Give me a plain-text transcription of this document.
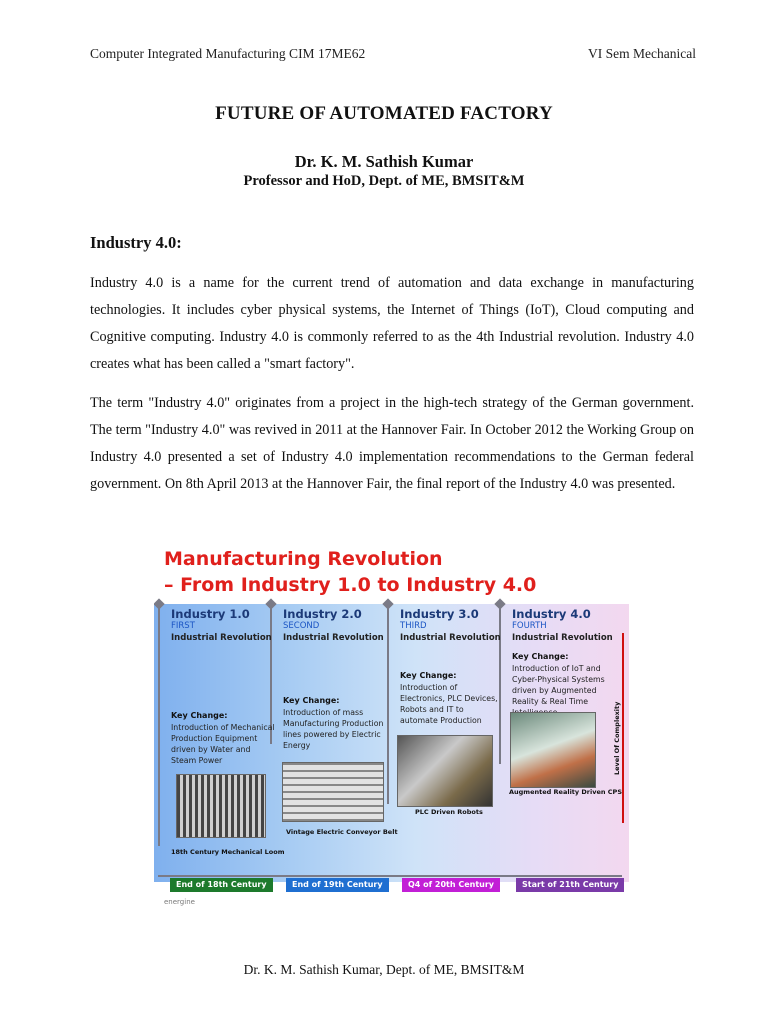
Computer Integrated Manufacturing CIM 17ME62	VI Sem Mechanical
FUTURE OF AUTOMATED FACTORY
Dr. K. M. Sathish Kumar
Professor and HoD, Dept. of ME, BMSIT&M
Industry 4.0:

Industry 4.0 is a name for the current trend of automation and data exchange in manufacturing technologies. It includes cyber physical systems, the Internet of Things (IoT), Cloud computing and Cognitive computing. Industry 4.0 is commonly referred to as the 4th Industrial revolution. Industry 4.0 creates what has been called a "smart factory".

The term "Industry 4.0" originates from a project in the high-tech strategy of the German government. The term "Industry 4.0" was revived in 2011 at the Hannover Fair. In October 2012 the Working Group on Industry 4.0 presented a set of Industry 4.0 implementation recommendations to the German federal government. On 8th April 2013 at the Hannover Fair, the final report of the Industry 4.0 was presented.

Manufacturing Revolution
– From Industry 1.0 to Industry 4.0
Industry 1.0
FIRST
Industrial Revolution
Key Change:
Introduction of Mechanical Production Equipment driven by Water and Steam Power
18th Century Mechanical Loom
Industry 2.0
SECOND
Industrial Revolution
Key Change:
Introduction of mass Manufacturing Production lines powered by Electric Energy
Vintage Electric Conveyor Belt
Industry 3.0
THIRD
Industrial Revolution
Key Change:
Introduction of Electronics, PLC Devices, Robots and IT to automate Production
PLC Driven Robots
Industry 4.0
FOURTH
Industrial Revolution
Key Change:
Introduction of IoT and Cyber-Physical Systems driven by Augmented Reality & Real Time
Augmented Reality Driven CPS
Level Of Complexity
End of 18th Century	End of 19th Century	Q4 of 20th Century	Start of 21th Century
energine
Dr. K. M. Sathish Kumar, Dept. of ME, BMSIT&M
